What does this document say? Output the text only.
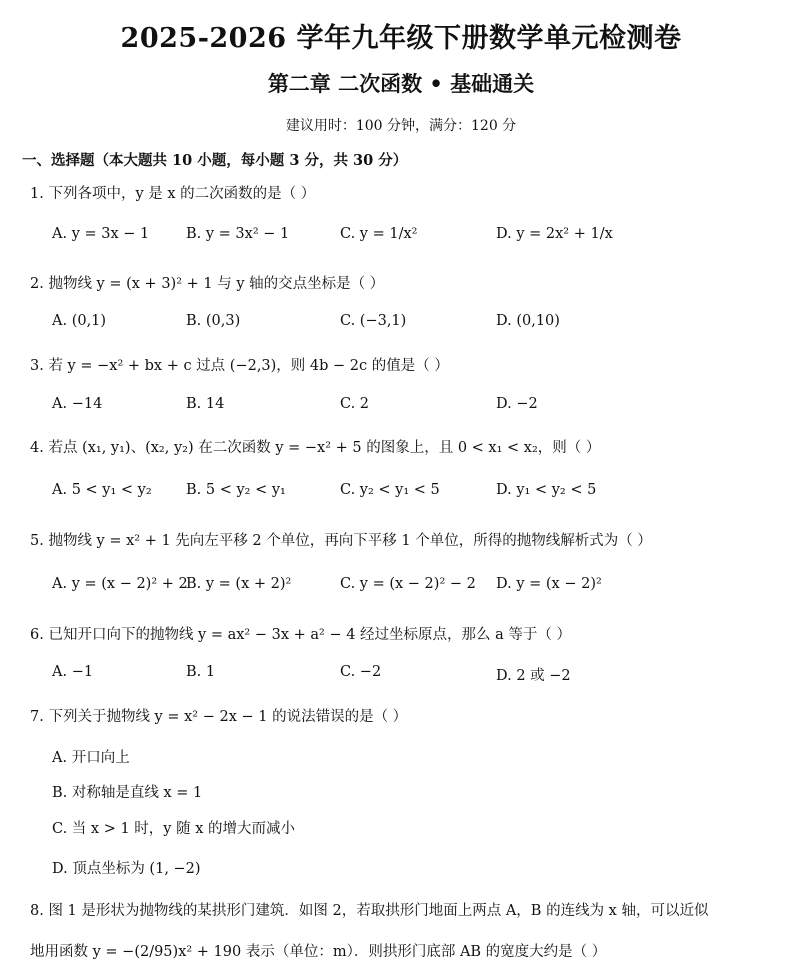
2025-2026 学年九年级下册数学单元检测卷
第二章 二次函数 • 基础通关
建议用时：100 分钟，满分：120 分
一、选择题（本大题共 10 小题，每小题 3 分，共 30 分）
1. 下列各项中，y 是 x 的二次函数的是（ ）
A. y = 3x − 1	B. y = 3x² − 1	C. y = 1/x²	D. y = 2x² + 1/x
2. 抛物线 y = (x + 3)² + 1 与 y 轴的交点坐标是（ ）
A. (0,1)	B. (0,3)	C. (−3,1)	D. (0,10)
3. 若 y = −x² + bx + c 过点 (−2,3)，则 4b − 2c 的值是（ ）
A. −14	B. 14	C. 2	D. −2
4. 若点 (x₁, y₁)、(x₂, y₂) 在二次函数 y = −x² + 5 的图象上，且 0 < x₁ < x₂，则（ ）
A. 5 < y₁ < y₂ B. 5 < y₂ < y₁	C. y₂ < y₁ < 5	D. y₁ < y₂ < 5
5. 抛物线 y = x² + 1 先向左平移 2 个单位，再向下平移 1 个单位，所得的抛物线解析式为（ ）
A. y = (x − 2)² + 2
B. y = (x + 2)²	C. y = (x − 2)² − 2 D. y = (x − 2)²
6. 已知开口向下的抛物线 y = ax² − 3x + a² − 4 经过坐标原点，那么 a 等于（ ）
A. −1	B. 1	C. −2	D. 2 或 −2
7. 下列关于抛物线 y = x² − 2x − 1 的说法错误的是（ ）
A. 开口向上
B. 对称轴是直线 x = 1
C. 当 x > 1 时，y 随 x 的增大而减小
D. 顶点坐标为 (1, −2)
8. 图 1 是形状为抛物线的某拱形门建筑．如图 2，若取拱形门地面上两点 A，B 的连线为 x 轴，可以近似
地用函数 y = −(2/95)x² + 190 表示（单位：m）．则拱形门底部 AB 的宽度大约是（ ）
